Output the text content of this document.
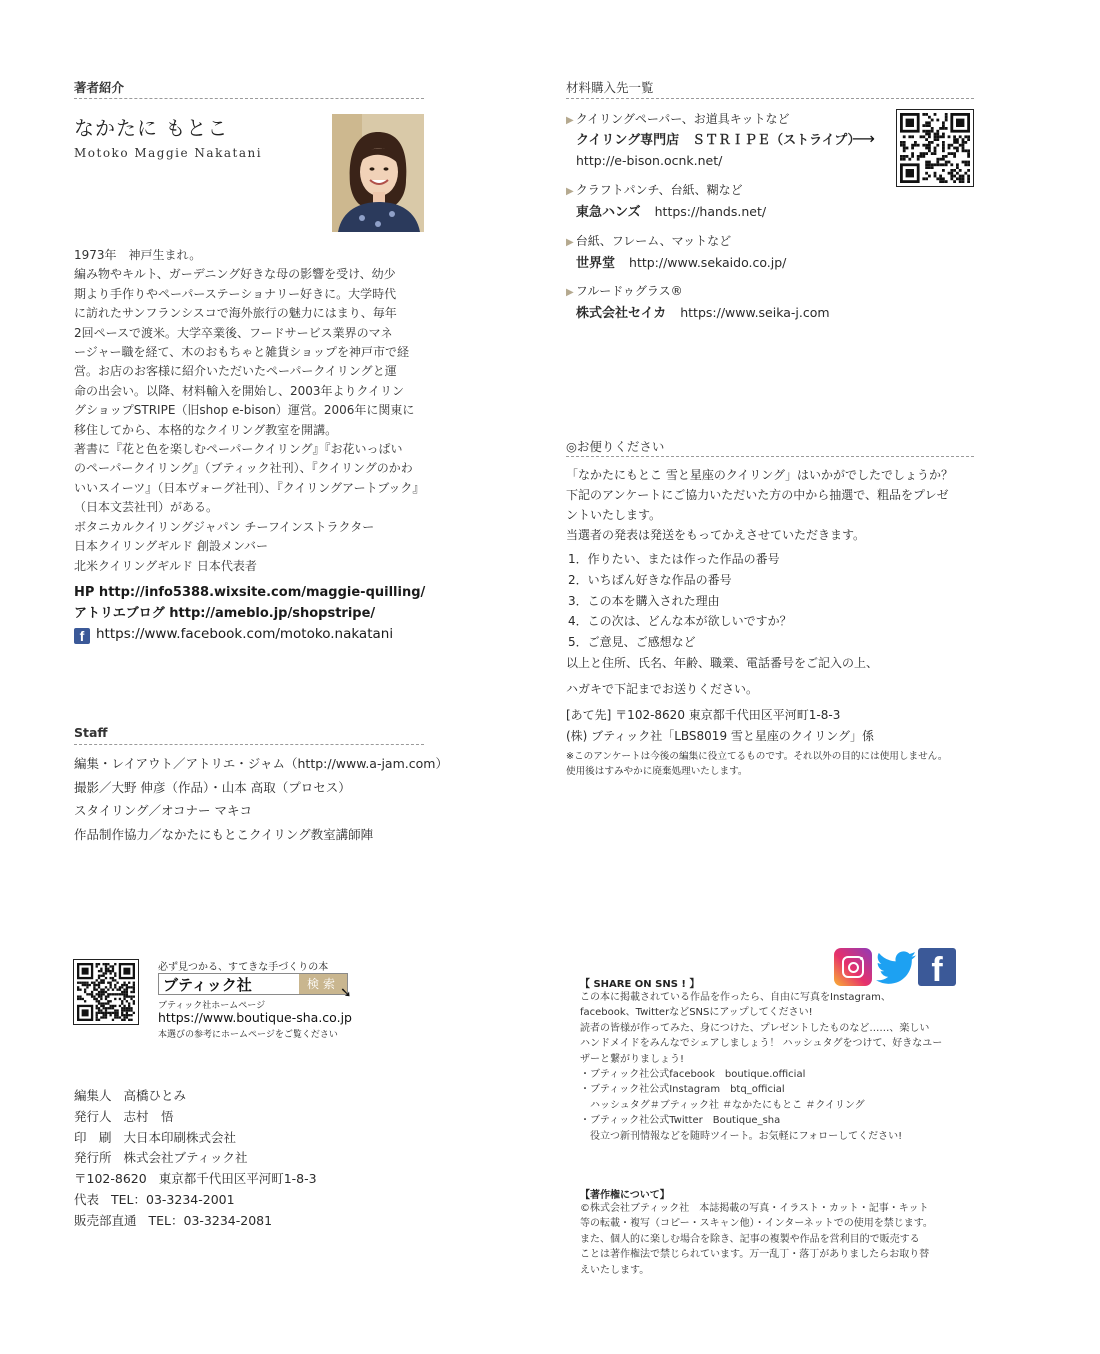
著者紹介
なかたに もとこ
Motoko Maggie Nakatani
1973年　神戸生まれ。
編み物やキルト、ガーデニング好きな母の影響を受け、幼少
期より手作りやペーパーステーショナリー好きに。大学時代
に訪れたサンフランシスコで海外旅行の魅力にはまり、毎年
2回ペースで渡米。大学卒業後、フードサービス業界のマネ
ージャー職を経て、木のおもちゃと雑貨ショップを神戸市で経
営。お店のお客様に紹介いただいたペーパークイリングと運
命の出会い。以降、材料輸入を開始し、2003年よりクイリン
グショップSTRIPE（旧shop e-bison）運営。2006年に関東に
移住してから、本格的なクイリング教室を開講。
著書に『花と色を楽しむペーパークイリング』『お花いっぱい
のペーパークイリング』（ブティック社刊）、『クイリングのかわ
いいスイーツ』（日本ヴォーグ社刊）、『クイリングアートブック』
（日本文芸社刊）がある。
ボタニカルクイリングジャパン チーフインストラクター
日本クイリングギルド 創設メンバー
北米クイリングギルド 日本代表者
HP http://info5388.wixsite.com/maggie-quilling/
アトリエブログ http://ameblo.jp/shopstripe/
f https://www.facebook.com/motoko.nakatani
Staff
編集・レイアウト／アトリエ・ジャム（http://www.a-jam.com）
撮影／大野 伸彦（作品）・山本 高取（プロセス）
スタイリング／オコナー マキコ
作品制作協力／なかたにもとこクイリング教室講師陣
必ず見つかる、すてきな手づくりの本
ブティック社	検索
➘
ブティック社ホームページ
https://www.boutique-sha.co.jp
本選びの参考にホームページをご覧ください
編集人 高橋ひとみ
発行人 志村　悟
印　刷 大日本印刷株式会社
発行所 株式会社ブティック社
〒102-8620 東京都千代田区平河町1-8-3
代表 TEL：03-3234-2001
販売部直通 TEL：03-3234-2081
材料購入先一覧
▶ クイリングペーパー、お道具キットなど
クイリング専門店　ＳＴＲＩＰＥ（ストライプ）
http://e-bison.ocnk.net/
▶ クラフトパンチ、台紙、糊など
東急ハンズ https://hands.net/
▶ 台紙、フレーム、マットなど
世界堂 http://www.sekaido.co.jp/
▶ フルードゥグラス®
株式会社セイカ https://www.seika-j.com
⟶
◎お便りください
「なかたにもとこ 雪と星座のクイリング」はいかがでしたでしょうか？
下記のアンケートにご協力いただいた方の中から抽選で、粗品をプレゼ
ントいたします。
当選者の発表は発送をもってかえさせていただきます。
1．作りたい、または作った作品の番号
2．いちばん好きな作品の番号
3．この本を購入された理由
4．この次は、どんな本が欲しいですか？
5．ご意見、ご感想など
以上と住所、氏名、年齢、職業、電話番号をご記入の上、
ハガキで下記までお送りください。
[あて先] 〒102-8620 東京都千代田区平河町1-8-3
(株) ブティック社「LBS8019 雪と星座のクイリング」係
※このアンケートは今後の編集に役立てるものです。それ以外の目的には使用しません。
使用後はすみやかに廃棄処理いたします。
f
【 SHARE ON SNS ! 】
この本に掲載されている作品を作ったら、自由に写真をInstagram、
facebook、TwitterなどSNSにアップしてください!
読者の皆様が作ってみた、身につけた、プレゼントしたものなど……、楽しい
ハンドメイドをみんなでシェアしましょう！ ハッシュタグをつけて、好きなユー
ザーと繋がりましょう!
・ブティック社公式facebook　boutique.official
・ブティック社公式Instagram　btq_official
　ハッシュタグ＃ブティック社 ＃なかたにもとこ ＃クイリング
・ブティック社公式Twitter　Boutique_sha
　役立つ新刊情報などを随時ツイート。お気軽にフォローしてください!
【著作権について】
©株式会社ブティック社　本誌掲載の写真・イラスト・カット・記事・キット
等の転載・複写（コピー・スキャン他）・インターネットでの使用を禁じます。
また、個人的に楽しむ場合を除き、記事の複製や作品を営利目的で販売する
ことは著作権法で禁じられています。万一乱丁・落丁がありましたらお取り替
えいたします。
